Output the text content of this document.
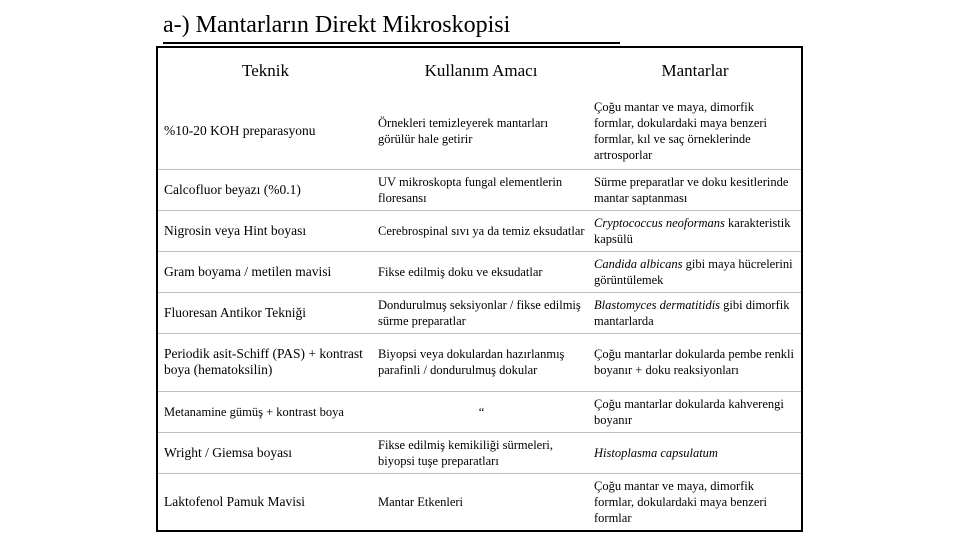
a-) Mantarların Direkt Mikroskopisi
Teknik	Kullanım Amacı	Mantarlar
%10-20 KOH preparasyonu	Örnekleri temizleyerek mantarları görülür hale getirir	Çoğu mantar ve maya, dimorfik formlar, dokulardaki maya benzeri formlar, kıl ve saç örneklerinde artrosporlar
Calcofluor beyazı (%0.1)	UV mikroskopta fungal elementlerin floresansı	Sürme preparatlar ve doku kesitlerinde mantar saptanması
Nigrosin veya Hint boyası	Cerebrospinal sıvı ya da temiz eksudatlar	Cryptococcus neoformans karakteristik kapsülü
Gram boyama / metilen mavisi	Fikse edilmiş doku ve eksudatlar	Candida albicans gibi maya hücrelerini görüntülemek
Fluoresan Antikor Tekniği	Dondurulmuş seksiyonlar / fikse edilmiş sürme preparatlar	Blastomyces dermatitidis gibi dimorfik mantarlarda
Periodik asit-Schiff (PAS) + kontrast boya (hematoksilin)	Biyopsi veya dokulardan hazırlanmış parafinli / dondurulmuş dokular	Çoğu mantarlar dokularda pembe renkli boyanır + doku reaksiyonları
Metanamine gümüş + kontrast boya	“	Çoğu mantarlar dokularda kahverengi boyanır
Wright / Giemsa boyası	Fikse edilmiş kemikiliği sürmeleri, biyopsi tuşe preparatları	Histoplasma capsulatum
Laktofenol Pamuk Mavisi	Mantar Etkenleri	Çoğu mantar ve maya, dimorfik formlar, dokulardaki maya benzeri formlar
